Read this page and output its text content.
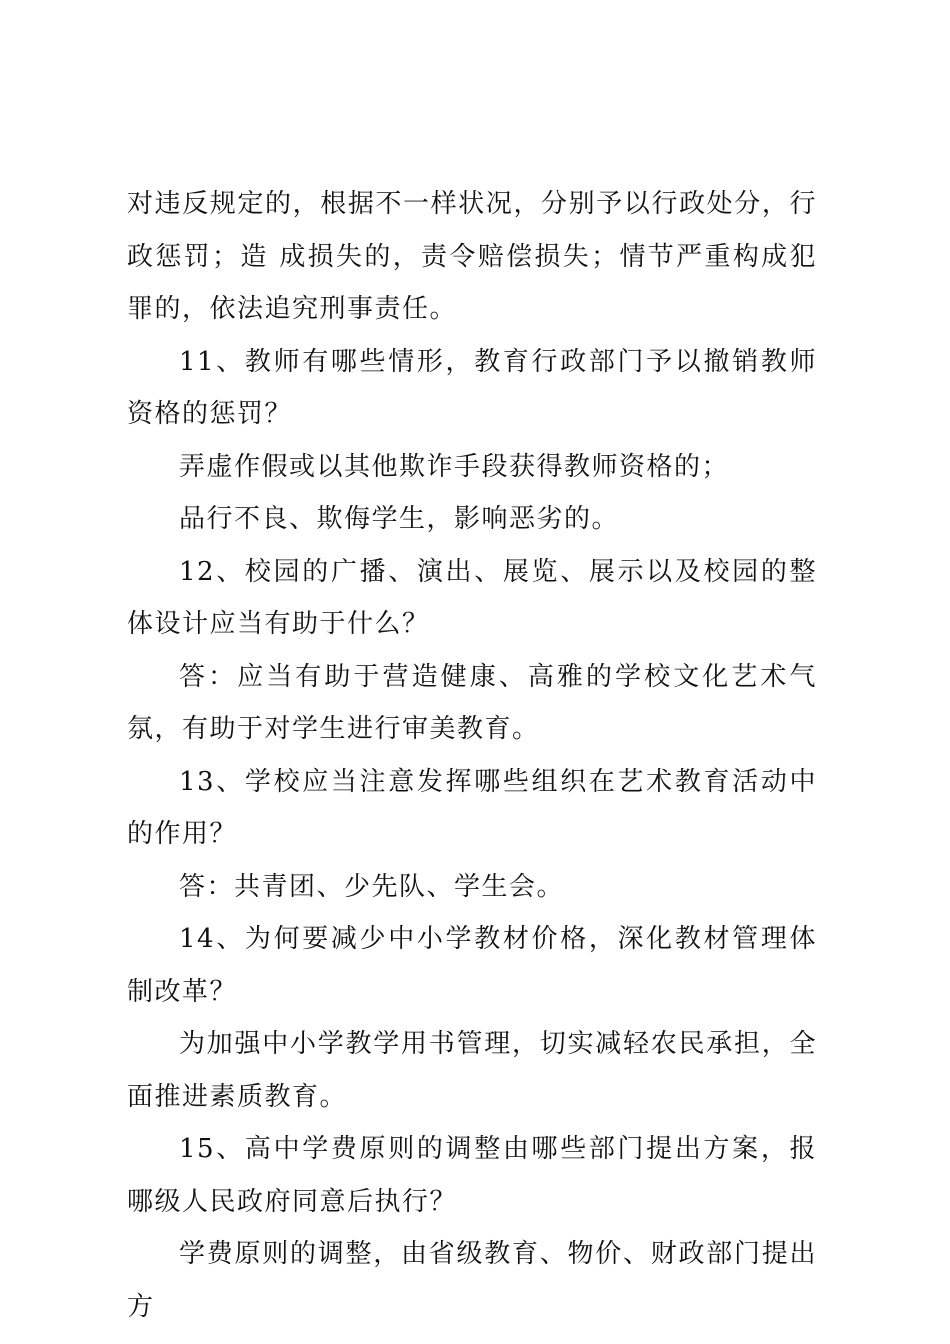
对违反规定的，根据不一样状况，分别予以行政处分，行政惩罚；造 成损失的，责令赔偿损失；情节严重构成犯罪的，依法追究刑事责任。

11、教师有哪些情形，教育行政部门予以撤销教师资格的惩罚？

弄虚作假或以其他欺诈手段获得教师资格的；

品行不良、欺侮学生，影响恶劣的。

12、校园的广播、演出、展览、展示以及校园的整体设计应当有助于什么？

答：应当有助于营造健康、高雅的学校文化艺术气氛，有助于对学生进行审美教育。

13、学校应当注意发挥哪些组织在艺术教育活动中的作用？

答：共青团、少先队、学生会。

14、为何要减少中小学教材价格，深化教材管理体制改革？

为加强中小学教学用书管理，切实减轻农民承担，全面推进素质教育。

15、高中学费原则的调整由哪些部门提出方案，报哪级人民政府同意后执行？

学费原则的调整，由省级教育、物价、财政部门提出方
